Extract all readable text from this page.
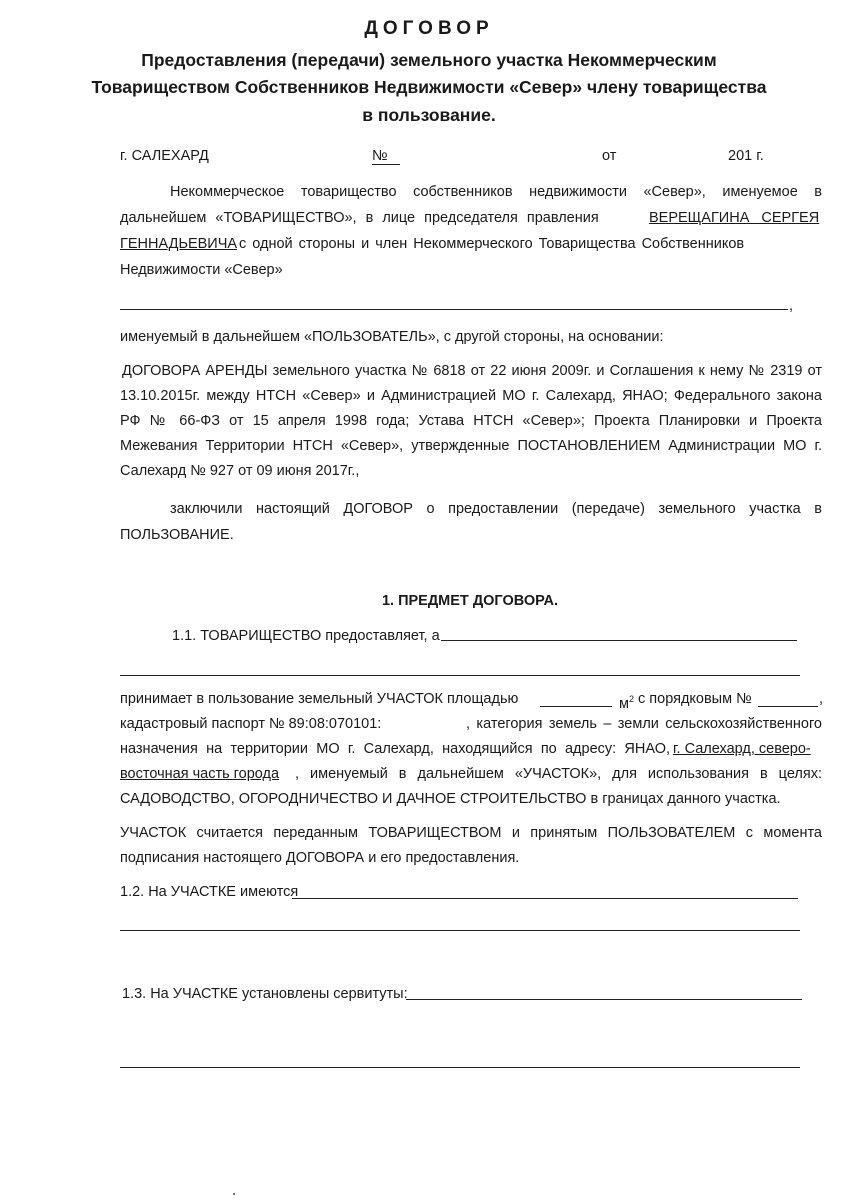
ДОГОВОР
Предоставления (передачи) земельного участка Некоммерческим
Товариществом Собственников Недвижимости «Север» члену товарищества
в пользование.
г. САЛЕХАРД	№	от	201 г.
Некоммерческое товарищество собственников недвижимости «Север», именуемое в
дальнейшем «ТОВАРИЩЕСТВО», в лице председателя правления	ВЕРЕЩАГИНА СЕРГЕЯ
ГЕННАДЬЕВИЧА с одной стороны и член Некоммерческого Товарищества Собственников
Недвижимости «Север»
,
именуемый в дальнейшем «ПОЛЬЗОВАТЕЛЬ», с другой стороны, на основании:
ДОГОВОРА АРЕНДЫ земельного участка № 6818 от 22 июня 2009г. и Соглашения к нему № 2319 от
13.10.2015г. между НТСН «Север» и Администрацией МО г. Салехард, ЯНАО; Федерального закона
РФ № 66-ФЗ от 15 апреля 1998 года; Устава НТСН «Север»; Проекта Планировки и Проекта
Межевания Территории НТСН «Север», утвержденные ПОСТАНОВЛЕНИЕМ Администрации МО г.
Салехард № 927 от 09 июня 2017г.,
заключили настоящий ДОГОВОР о предоставлении (передаче) земельного участка в
ПОЛЬЗОВАНИЕ.
1. ПРЕДМЕТ ДОГОВОРА.
1.1. ТОВАРИЩЕСТВО предоставляет, а
принимает в пользование земельный УЧАСТОК площадью	$м^2$ с порядковым №	,
кадастровый паспорт № 89:08:070101:	, категория земель – земли сельскохозяйственного
назначения на территории МО г. Салехард, находящийся по адресу: ЯНАО, г. Салехард, северо-
восточная часть города , именуемый в дальнейшем «УЧАСТОК», для использования в целях:
САДОВОДСТВО, ОГОРОДНИЧЕСТВО И ДАЧНОЕ СТРОИТЕЛЬСТВО в границах данного участка.
УЧАСТОК считается переданным ТОВАРИЩЕСТВОМ и принятым ПОЛЬЗОВАТЕЛЕМ с момента
подписания настоящего ДОГОВОРА и его предоставления.
1.2. На УЧАСТКЕ имеются
1.3. На УЧАСТКЕ установлены сервитуты:
